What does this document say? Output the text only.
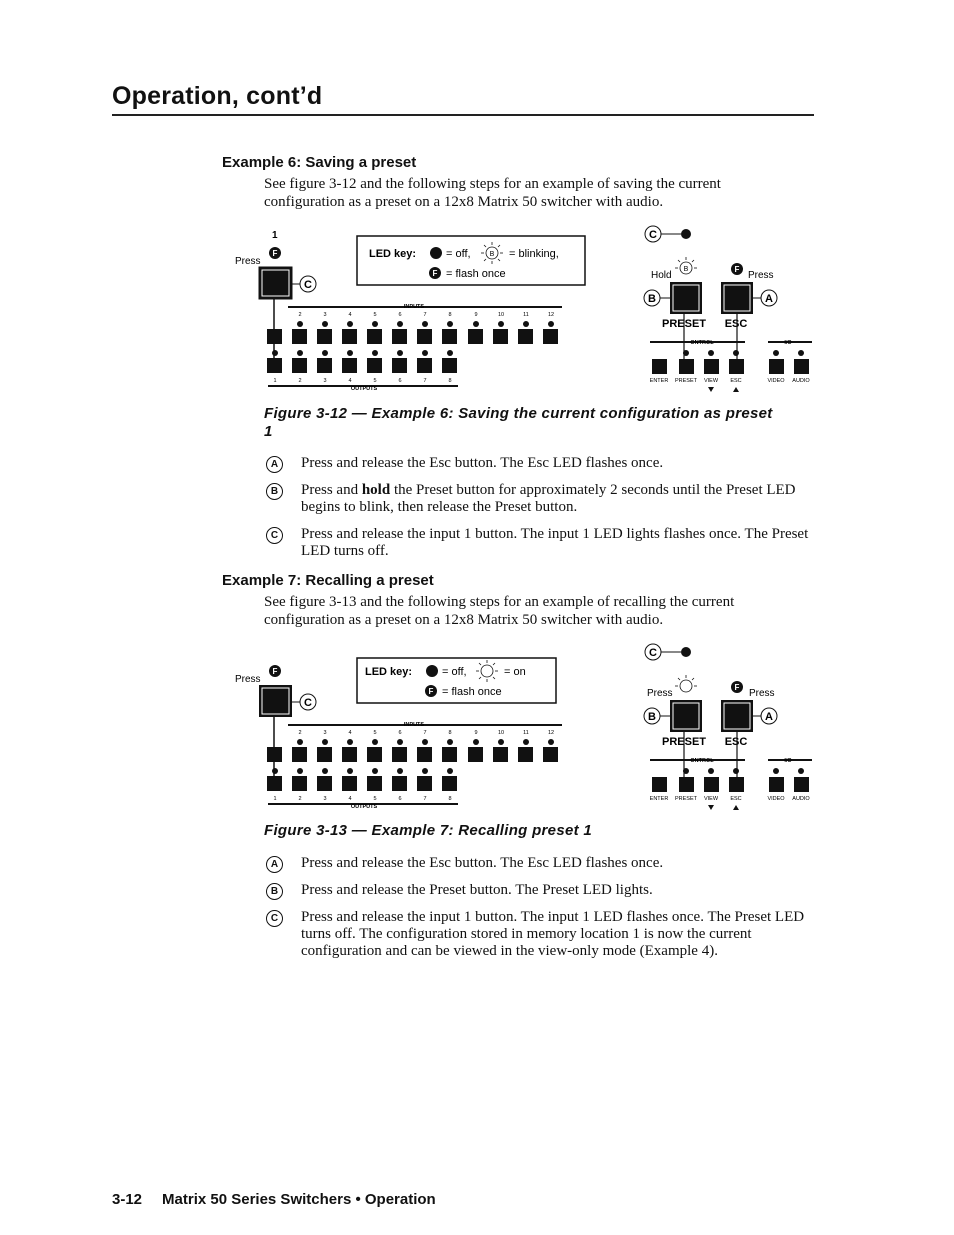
Operation, cont’d
Example 6: Saving a preset
See figure 3-12 and the following steps for an example of saving the current configuration as a preset on a 12x8 Matrix 50 switcher with audio.
1
Press
F
C
INPUTS
2	3	4	5	6	7	8	9	10	11	12
1	2	3	4	5	6	7	8
OUTPUTS
LED key:	= off,	B = blinking,
F = flash once
C
Hold
B	F
Press
B	A
PRESET ESC
ONTROL	I/O
ENTER PRESET VIEW ESC	VIDEO AUDIO
Figure 3-12 — Example 6: Saving the current configuration as preset 1
A	Press and release the Esc button. The Esc LED flashes once.
B	Press and hold the Preset button for approximately 2 seconds until the Preset LED begins to blink, then release the Preset button.
C	Press and release the input 1 button. The input 1 LED lights flashes once. The Preset LED turns off.
Example 7: Recalling a preset
See figure 3-13 and the following steps for an example of recalling the current configuration as a preset on a 12x8 Matrix 50 switcher with audio.
Press
F
C
INPUTS
2	3	4	5	6	7	8	9	10	11	12
1	2	3	4	5	6	7	8
OUTPUTS
LED key:	= off,	= on
F = flash once
C
Press
F
Press
B	A
PRESET ESC
ONTROL	I/O
ENTER PRESET VIEW ESC	VIDEO AUDIO
Figure 3-13 — Example 7: Recalling preset 1
A	Press and release the Esc button. The Esc LED flashes once.
B	Press and release the Preset button. The Preset LED lights.
C	Press and release the input 1 button. The input 1 LED flashes once. The Preset LED turns off. The configuration stored in memory location 1 is now the current configuration and can be viewed in the view-only mode (Example 4).
3-12 Matrix 50 Series Switchers • Operation
